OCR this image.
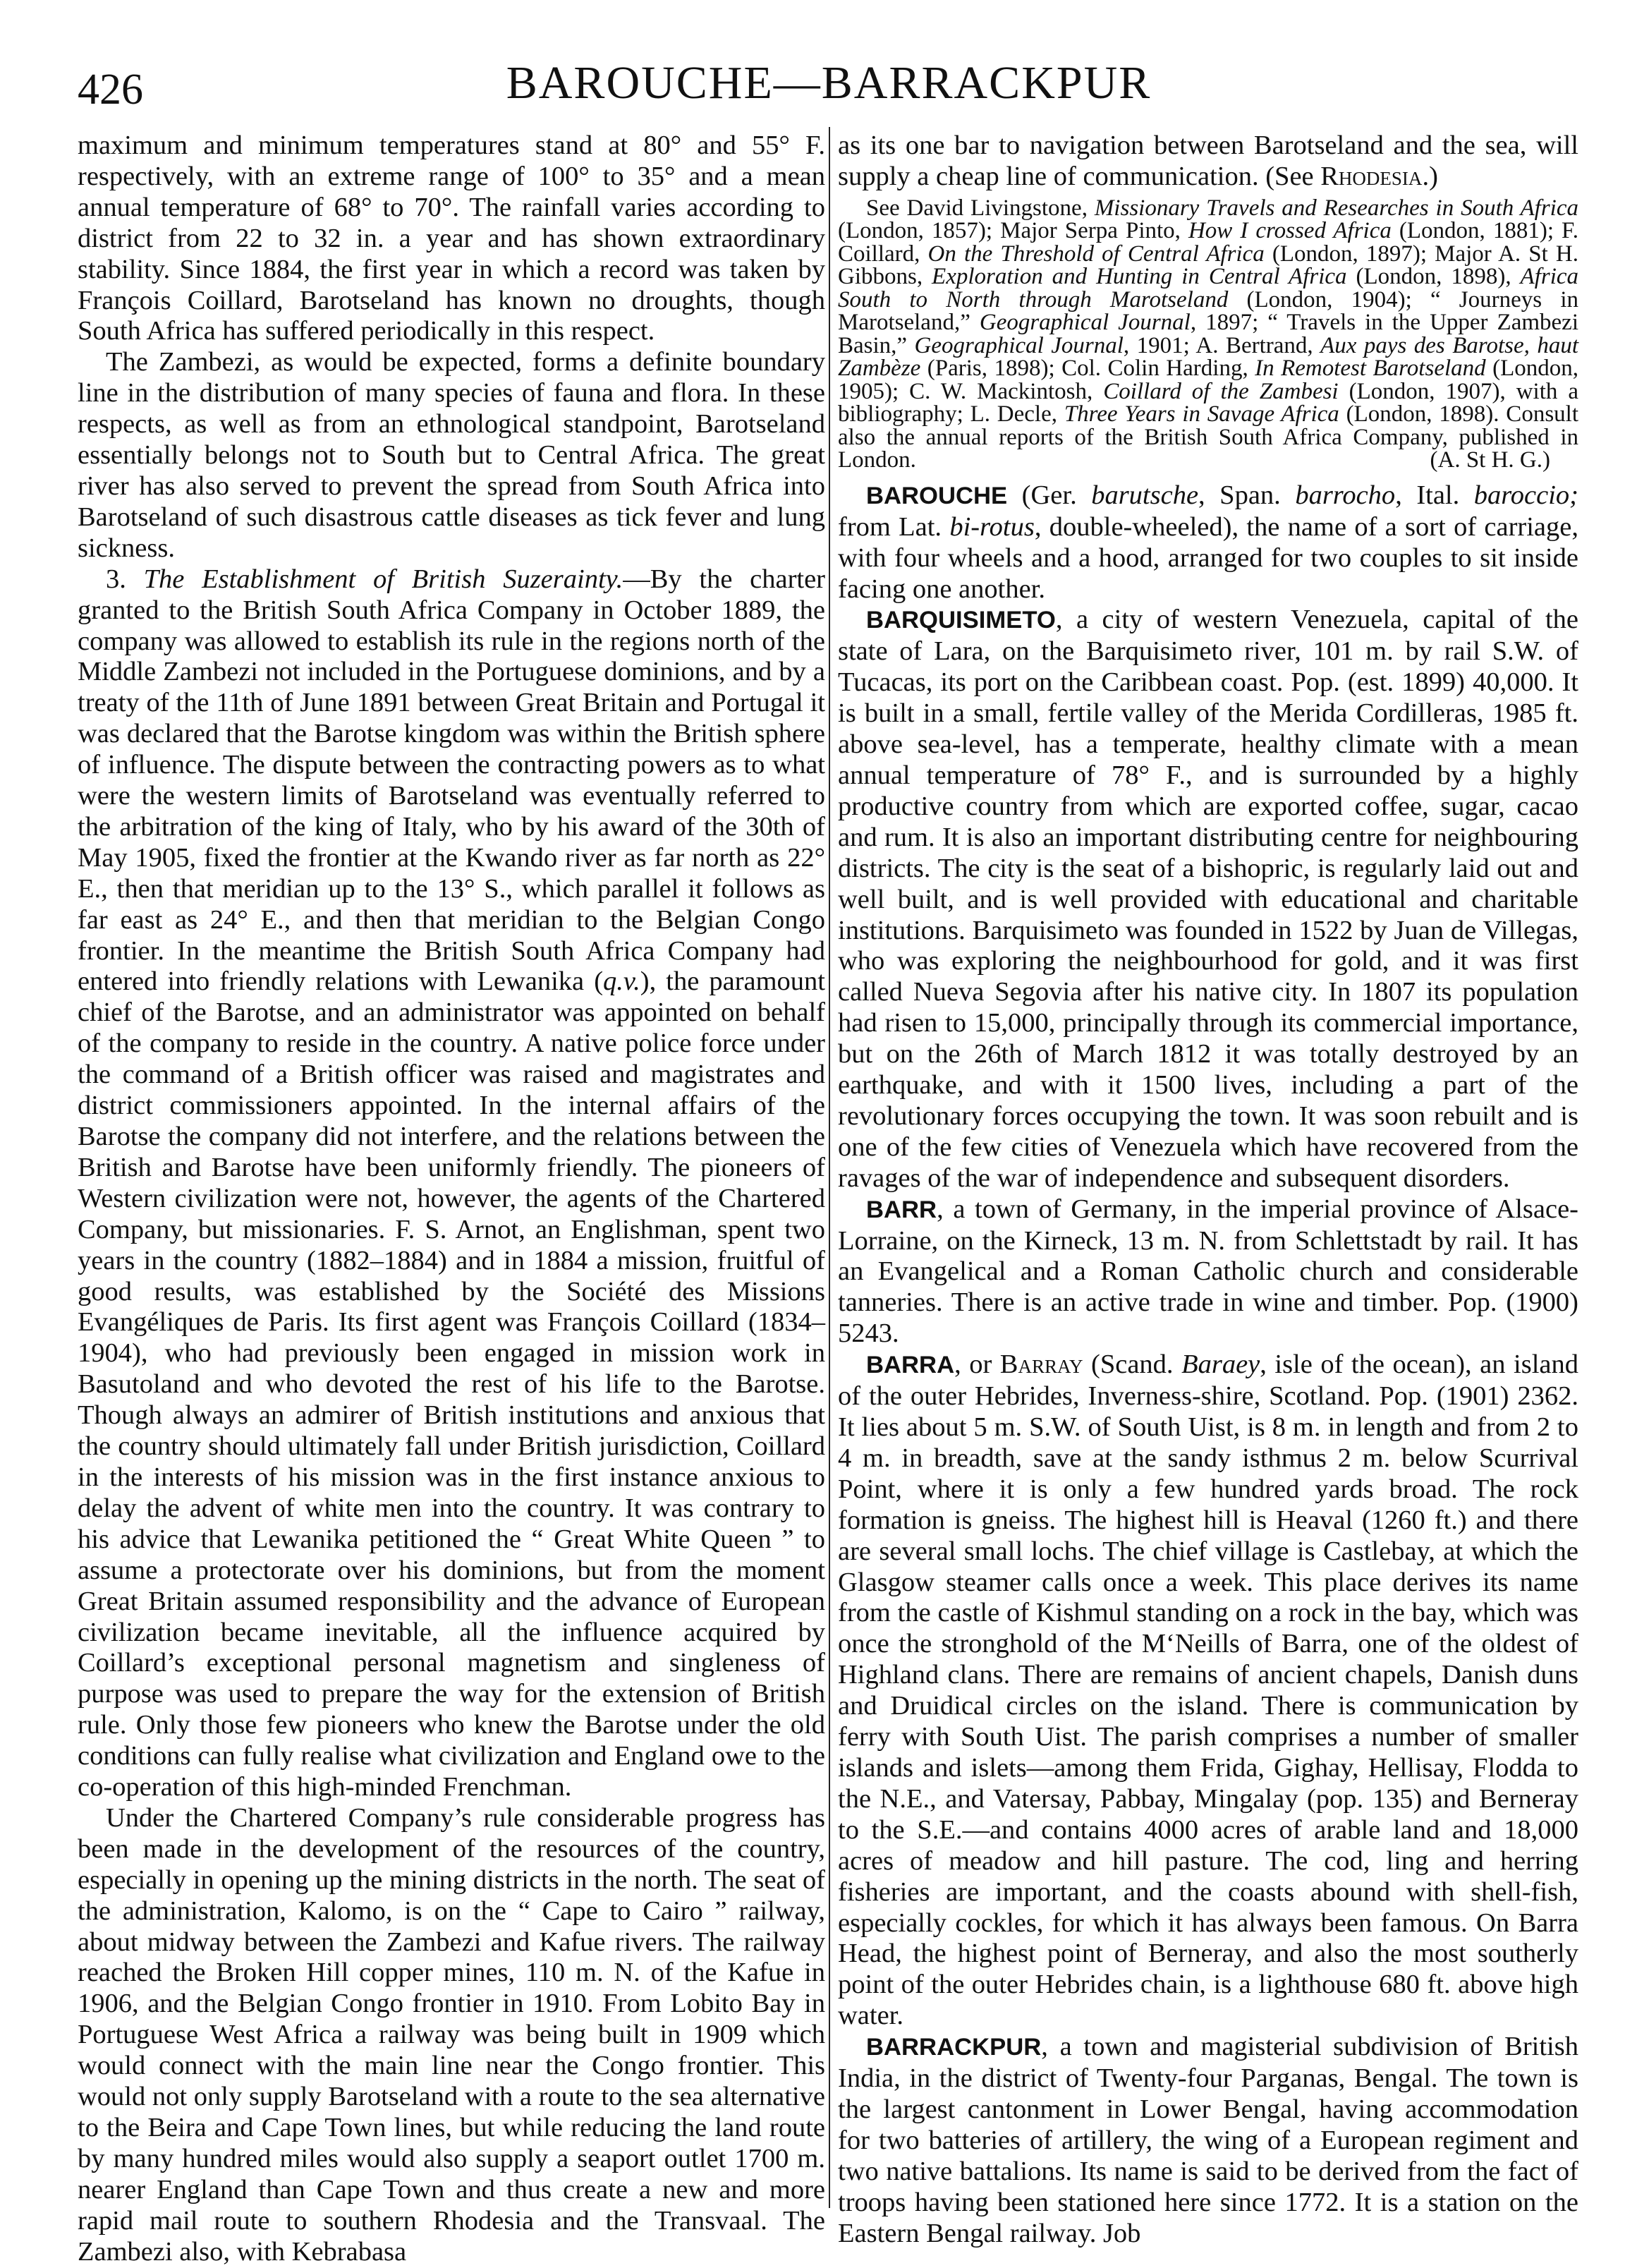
426	BAROUCHE—BARRACKPUR

maximum and minimum temperatures stand at 80° and 55° F. respectively, with an extreme range of 100° to 35° and a mean annual temperature of 68° to 70°. The rainfall varies according to district from 22 to 32 in. a year and has shown extraordinary stability. Since 1884, the first year in which a record was taken by François Coillard, Barotseland has known no droughts, though South Africa has suffered periodically in this respect.

The Zambezi, as would be expected, forms a definite boundary line in the distribution of many species of fauna and flora. In these respects, as well as from an ethnological standpoint, Barotseland essentially belongs not to South but to Central Africa. The great river has also served to prevent the spread from South Africa into Barotseland of such disastrous cattle diseases as tick fever and lung sickness.

3. The Establishment of British Suzerainty.—By the charter granted to the British South Africa Company in October 1889, the company was allowed to establish its rule in the regions north of the Middle Zambezi not included in the Portuguese dominions, and by a treaty of the 11th of June 1891 between Great Britain and Portugal it was declared that the Barotse kingdom was within the British sphere of influence. The dispute between the contracting powers as to what were the western limits of Barotseland was eventually referred to the arbitration of the king of Italy, who by his award of the 30th of May 1905, fixed the frontier at the Kwando river as far north as 22° E., then that meridian up to the 13° S., which parallel it follows as far east as 24° E., and then that meridian to the Belgian Congo frontier. In the meantime the British South Africa Company had entered into friendly relations with Lewanika (q.v.), the paramount chief of the Barotse, and an administrator was appointed on behalf of the company to reside in the country. A native police force under the command of a British officer was raised and magistrates and district commissioners appointed. In the internal affairs of the Barotse the company did not interfere, and the relations between the British and Barotse have been uniformly friendly. The pioneers of Western civilization were not, however, the agents of the Chartered Company, but missionaries. F. S. Arnot, an Englishman, spent two years in the country (1882–1884) and in 1884 a mission, fruitful of good results, was established by the Société des Missions Evangéliques de Paris. Its first agent was François Coillard (1834–1904), who had previously been engaged in mission work in Basutoland and who devoted the rest of his life to the Barotse. Though always an admirer of British institutions and anxious that the country should ultimately fall under British jurisdiction, Coillard in the interests of his mission was in the first instance anxious to delay the advent of white men into the country. It was contrary to his advice that Lewanika petitioned the “ Great White Queen ” to assume a protectorate over his dominions, but from the moment Great Britain assumed responsibility and the advance of European civilization became inevitable, all the influence acquired by Coillard’s exceptional personal magnetism and singleness of purpose was used to prepare the way for the extension of British rule. Only those few pioneers who knew the Barotse under the old conditions can fully realise what civilization and England owe to the co-operation of this high-minded Frenchman.

Under the Chartered Company’s rule considerable progress has been made in the development of the resources of the country, especially in opening up the mining districts in the north. The seat of the administration, Kalomo, is on the “ Cape to Cairo ” railway, about midway between the Zambezi and Kafue rivers. The railway reached the Broken Hill copper mines, 110 m. N. of the Kafue in 1906, and the Belgian Congo frontier in 1910. From Lobito Bay in Portuguese West Africa a railway was being built in 1909 which would connect with the main line near the Congo frontier. This would not only supply Barotseland with a route to the sea alternative to the Beira and Cape Town lines, but while reducing the land route by many hundred miles would also supply a seaport outlet 1700 m. nearer England than Cape Town and thus create a new and more rapid mail route to southern Rhodesia and the Transvaal. The Zambezi also, with Kebrabasa

as its one bar to navigation between Barotseland and the sea, will supply a cheap line of communication. (See Rhodesia.)

See David Livingstone, Missionary Travels and Researches in South Africa (London, 1857); Major Serpa Pinto, How I crossed Africa (London, 1881); F. Coillard, On the Threshold of Central Africa (London, 1897); Major A. St H. Gibbons, Exploration and Hunting in Central Africa (London, 1898), Africa South to North through Marotseland (London, 1904); “ Journeys in Marotseland,” Geographical Journal, 1897; “ Travels in the Upper Zambezi Basin,” Geographical Journal, 1901; A. Bertrand, Aux pays des Barotse, haut Zambèze (Paris, 1898); Col. Colin Harding, In Remotest Barotseland (London, 1905); C. W. Mackintosh, Coillard of the Zambesi (London, 1907), with a bibliography; L. Decle, Three Years in Savage Africa (London, 1898). Consult also the annual reports of the British South Africa Company, published in London.	(A. St H. G.)

BAROUCHE (Ger. barutsche, Span. barrocho, Ital. baroccio; from Lat. bi-rotus, double-wheeled), the name of a sort of carriage, with four wheels and a hood, arranged for two couples to sit inside facing one another.

BARQUISIMETO, a city of western Venezuela, capital of the state of Lara, on the Barquisimeto river, 101 m. by rail S.W. of Tucacas, its port on the Caribbean coast. Pop. (est. 1899) 40,000. It is built in a small, fertile valley of the Merida Cordilleras, 1985 ft. above sea-level, has a temperate, healthy climate with a mean annual temperature of 78° F., and is surrounded by a highly productive country from which are exported coffee, sugar, cacao and rum. It is also an important distributing centre for neighbouring districts. The city is the seat of a bishopric, is regularly laid out and well built, and is well provided with educational and charitable institutions. Barquisimeto was founded in 1522 by Juan de Villegas, who was exploring the neighbourhood for gold, and it was first called Nueva Segovia after his native city. In 1807 its population had risen to 15,000, principally through its commercial importance, but on the 26th of March 1812 it was totally destroyed by an earthquake, and with it 1500 lives, including a part of the revolutionary forces occupying the town. It was soon rebuilt and is one of the few cities of Venezuela which have recovered from the ravages of the war of independence and subsequent disorders.

BARR, a town of Germany, in the imperial province of Alsace-Lorraine, on the Kirneck, 13 m. N. from Schlettstadt by rail. It has an Evangelical and a Roman Catholic church and considerable tanneries. There is an active trade in wine and timber. Pop. (1900) 5243.

BARRA, or Barray (Scand. Baraey, isle of the ocean), an island of the outer Hebrides, Inverness-shire, Scotland. Pop. (1901) 2362. It lies about 5 m. S.W. of South Uist, is 8 m. in length and from 2 to 4 m. in breadth, save at the sandy isthmus 2 m. below Scurrival Point, where it is only a few hundred yards broad. The rock formation is gneiss. The highest hill is Heaval (1260 ft.) and there are several small lochs. The chief village is Castlebay, at which the Glasgow steamer calls once a week. This place derives its name from the castle of Kishmul standing on a rock in the bay, which was once the stronghold of the M‘Neills of Barra, one of the oldest of Highland clans. There are remains of ancient chapels, Danish duns and Druidical circles on the island. There is communication by ferry with South Uist. The parish comprises a number of smaller islands and islets—among them Frida, Gighay, Hellisay, Flodda to the N.E., and Vatersay, Pabbay, Mingalay (pop. 135) and Berneray to the S.E.—and contains 4000 acres of arable land and 18,000 acres of meadow and hill pasture. The cod, ling and herring fisheries are important, and the coasts abound with shell-fish, especially cockles, for which it has always been famous. On Barra Head, the highest point of Berneray, and also the most southerly point of the outer Hebrides chain, is a lighthouse 680 ft. above high water.

BARRACKPUR, a town and magisterial subdivision of British India, in the district of Twenty-four Parganas, Bengal. The town is the largest cantonment in Lower Bengal, having accommodation for two batteries of artillery, the wing of a European regiment and two native battalions. Its name is said to be derived from the fact of troops having been stationed here since 1772. It is a station on the Eastern Bengal railway. Job
